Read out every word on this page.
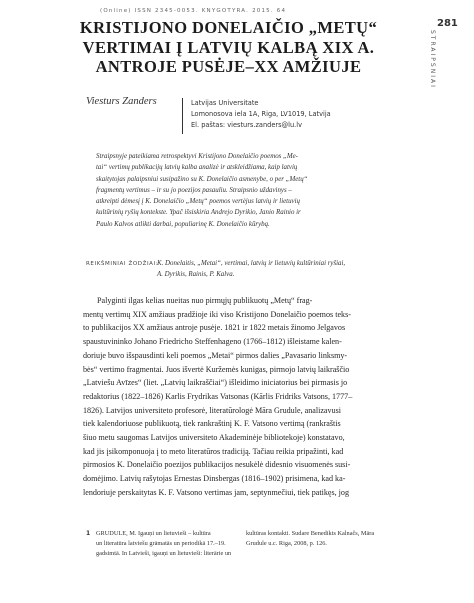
(Online) ISSN 2345-0053. KNYGOTYRA. 2015. 64
KRISTIJONO DONELAIČIO „METŲ“
VERTIMAI Į LATVIŲ KALBĄ XIX A.
ANTROJE PUSĖJE–XX AMŽIUJE
281
STRAIPSNIAI
Viesturs Zanders	Latvijas Universitate
Lomonosova iela 1A, Riga, LV1019, Latvija
El. paštas: viesturs.zanders@lu.lv
Straipsnyje pateikiama retrospektyvi Kristijono Donelaičio poemos „Me-
tai“ vertimų publikacijų latvių kalba analizė ir atskleidžiama, kaip latvių
skaitytojas palaipsniui susipažino su K. Donelaičio asmenybe, o per „Metų“
fragmentų vertimus – ir su jo poezijos pasauliu. Straipsnio uždavinys –
atkreipti dėmesį į K. Donelaičio „Metų“ poemos vertėjus latvių ir lietuvių
kultūrinių ryšių kontekste. Ypač išsiskiria Andrejo Dyrikio, Janio Rainio ir
Paulo Kalvos atlikti darbai, populiarinę K. Donelaičio kūrybą.
REIKŠMINIAI ŽODŽIAI:
K. Donelaitis, „Metai“, vertimai, latvių ir lietuvių kultūriniai ryšiai,
A. Dyrikis, Rainis, P. Kalva.
Palyginti ilgas kelias nueitas nuo pirmųjų publikuotų „Metų“ frag-
mentų vertimų XIX amžiaus pradžioje iki viso Kristijono Donelaičio poemos teks-
to publikacijos XX amžiaus antroje pusėje. 1821 ir 1822 metais žinomo Jelgavos
spaustuvininko Johano Friedricho Steffenhageno (1766–1812) išleistame kalen-
doriuje buvo išspausdinti keli poemos „Metai“ pirmos dalies „Pavasario linksmy-
bės“ vertimo fragmentai. Juos išvertė Kuržemės kunigas, pirmojo latvių laikraščio
„Latviešu Avīzes“ (liet. „Latvių laikraščiai“) išleidimo iniciatorius bei pirmasis jo
redaktorius (1822–1826) Karlis Frydrikas Vatsonas (Kārlis Fridriks Vatsons, 1777–
1826). Latvijos universiteto profesorė, literatūrologė Māra Grudule, analizavusi
tiek kalendoriuose publikuotą, tiek rankraštinį K. F. Vatsono vertimą (rankraštis
šiuo metu saugomas Latvijos universiteto Akademinėje bibliotekoje) konstatavo,
kad jis įsikomponuoja į to meto literatūros tradiciją. Tačiau reikia pripažinti, kad
pirmosios K. Donelaičio poezijos publikacijos nesukėlė didesnio visuomenės susi-
domėjimo. Latvių rašytojas Ernestas Dinsbergas (1816–1902) prisimena, kad ka-
lendoriuje perskaitytas K. F. Vatsono vertimas jam, septynmečiui, tiek patikęs, jog
1 GRUDULE, M. Igauņi un lietuvieši – kultūra
un literatūra latviešu grāmatās un periodikā 17.–19.
gadsimtā. In Latvieši, igauņi un lietuvieši: literārie un
kultūras kontakti. Sudare Benedikts Kalnačs, Māra
Grudule u.c. Riga, 2008, p. 126.
